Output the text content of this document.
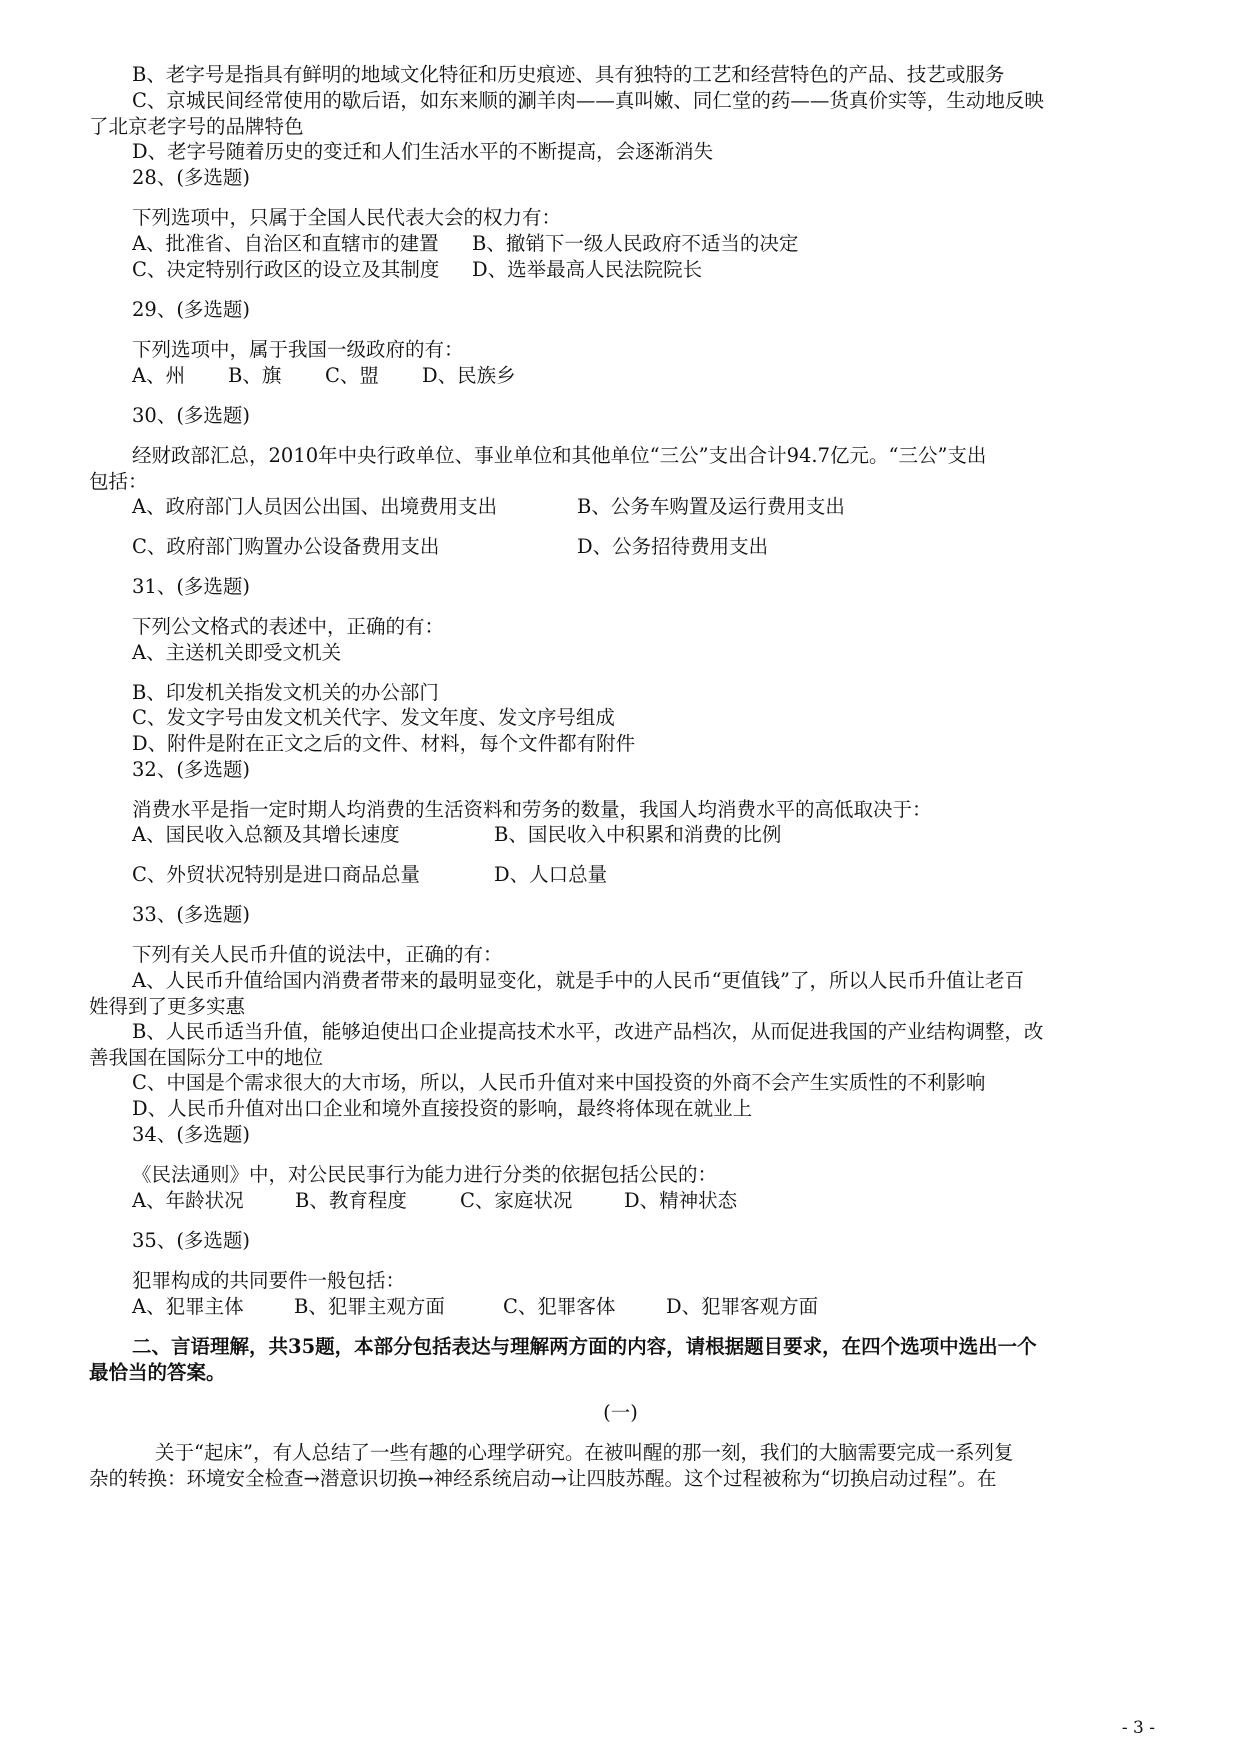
B、老字号是指具有鲜明的地域文化特征和历史痕迹、具有独特的工艺和经营特色的产品、技艺或服务
C、京城民间经常使用的歇后语，如东来顺的涮羊肉——真叫嫩、同仁堂的药——货真价实等，生动地反映
了北京老字号的品牌特色
D、老字号随着历史的变迁和人们生活水平的不断提高，会逐渐消失
28、(多选题)
下列选项中，只属于全国人民代表大会的权力有：
A、批准省、自治区和直辖市的建置 B、撤销下一级人民政府不适当的决定
C、决定特别行政区的设立及其制度 D、选举最高人民法院院长
29、(多选题)
下列选项中，属于我国一级政府的有：
A、州 B、旗 C、盟 D、民族乡
30、(多选题)
经财政部汇总，2010年中央行政单位、事业单位和其他单位“三公”支出合计94.7亿元。“三公”支出
包括：
A、政府部门人员因公出国、出境费用支出	B、公务车购置及运行费用支出
C、政府部门购置办公设备费用支出	D、公务招待费用支出
31、(多选题)
下列公文格式的表述中，正确的有：
A、主送机关即受文机关
B、印发机关指发文机关的办公部门
C、发文字号由发文机关代字、发文年度、发文序号组成
D、附件是附在正文之后的文件、材料，每个文件都有附件
32、(多选题)
消费水平是指一定时期人均消费的生活资料和劳务的数量，我国人均消费水平的高低取决于：
A、国民收入总额及其增长速度	B、国民收入中积累和消费的比例
C、外贸状况特别是进口商品总量	D、人口总量
33、(多选题)
下列有关人民币升值的说法中，正确的有：
A、人民币升值给国内消费者带来的最明显变化，就是手中的人民币“更值钱”了，所以人民币升值让老百
姓得到了更多实惠
B、人民币适当升值，能够迫使出口企业提高技术水平，改进产品档次，从而促进我国的产业结构调整，改
善我国在国际分工中的地位
C、中国是个需求很大的大市场，所以，人民币升值对来中国投资的外商不会产生实质性的不利影响
D、人民币升值对出口企业和境外直接投资的影响，最终将体现在就业上
34、(多选题)
《民法通则》中，对公民民事行为能力进行分类的依据包括公民的：
A、年龄状况	B、教育程度	C、家庭状况	D、精神状态
35、(多选题)
犯罪构成的共同要件一般包括：
A、犯罪主体	B、犯罪主观方面	C、犯罪客体	D、犯罪客观方面
二、言语理解，共35题，本部分包括表达与理解两方面的内容，请根据题目要求，在四个选项中选出一个
最恰当的答案。
(一)
关于“起床”，有人总结了一些有趣的心理学研究。在被叫醒的那一刻，我们的大脑需要完成一系列复
杂的转换：环境安全检查→潜意识切换→神经系统启动→让四肢苏醒。这个过程被称为“切换启动过程”。在
- 3 -
